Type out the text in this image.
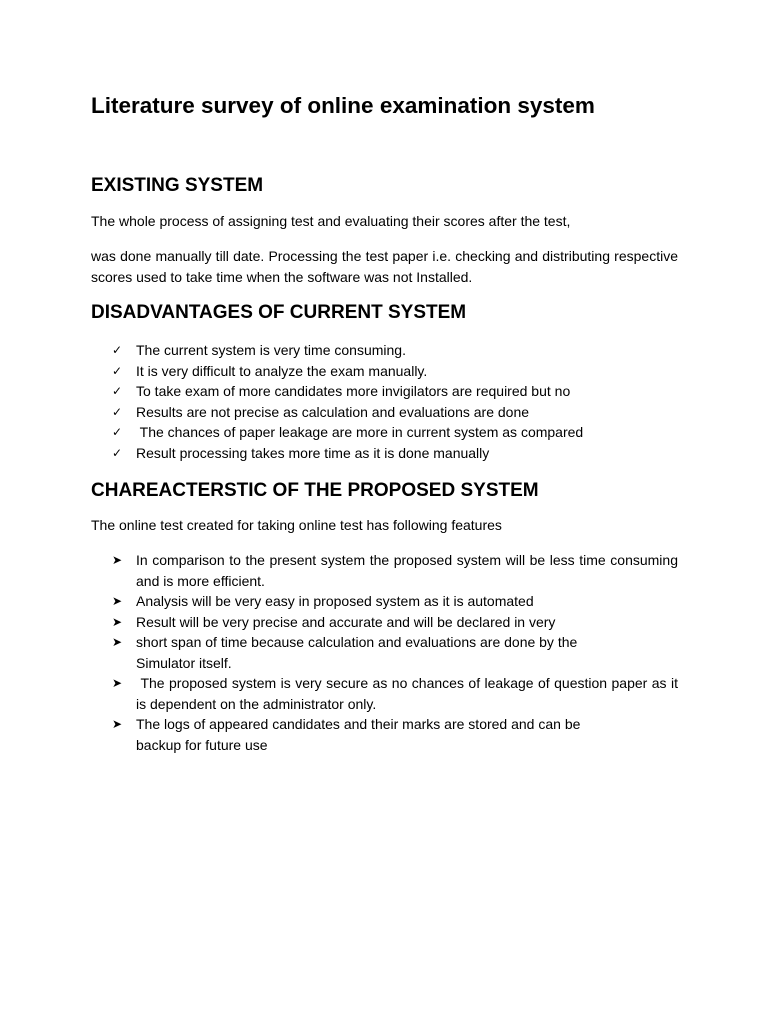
Literature survey of online examination system
EXISTING SYSTEM

The whole process of assigning test and evaluating their scores after the test,

was done manually till date. Processing the test paper i.e. checking and distributing respective scores used to take time when the software was not Installed.

DISADVANTAGES OF CURRENT SYSTEM
✓ The current system is very time consuming.
✓ It is very difficult to analyze the exam manually.
✓ To take exam of more candidates more invigilators are required but no
✓ Results are not precise as calculation and evaluations are done
✓ The chances of paper leakage are more in current system as compared
✓ Result processing takes more time as it is done manually
CHAREACTERSTIC OF THE PROPOSED SYSTEM

The online test created for taking online test has following features

➤ In comparison to the present system the proposed system will be less time consuming and is more efficient.
➤ Analysis will be very easy in proposed system as it is automated
➤ Result will be very precise and accurate and will be declared in very
➤ short span of time because calculation and evaluations are done by the Simulator itself.
➤ The proposed system is very secure as no chances of leakage of question paper as it is dependent on the administrator only.
➤ The logs of appeared candidates and their marks are stored and can be backup for future use
